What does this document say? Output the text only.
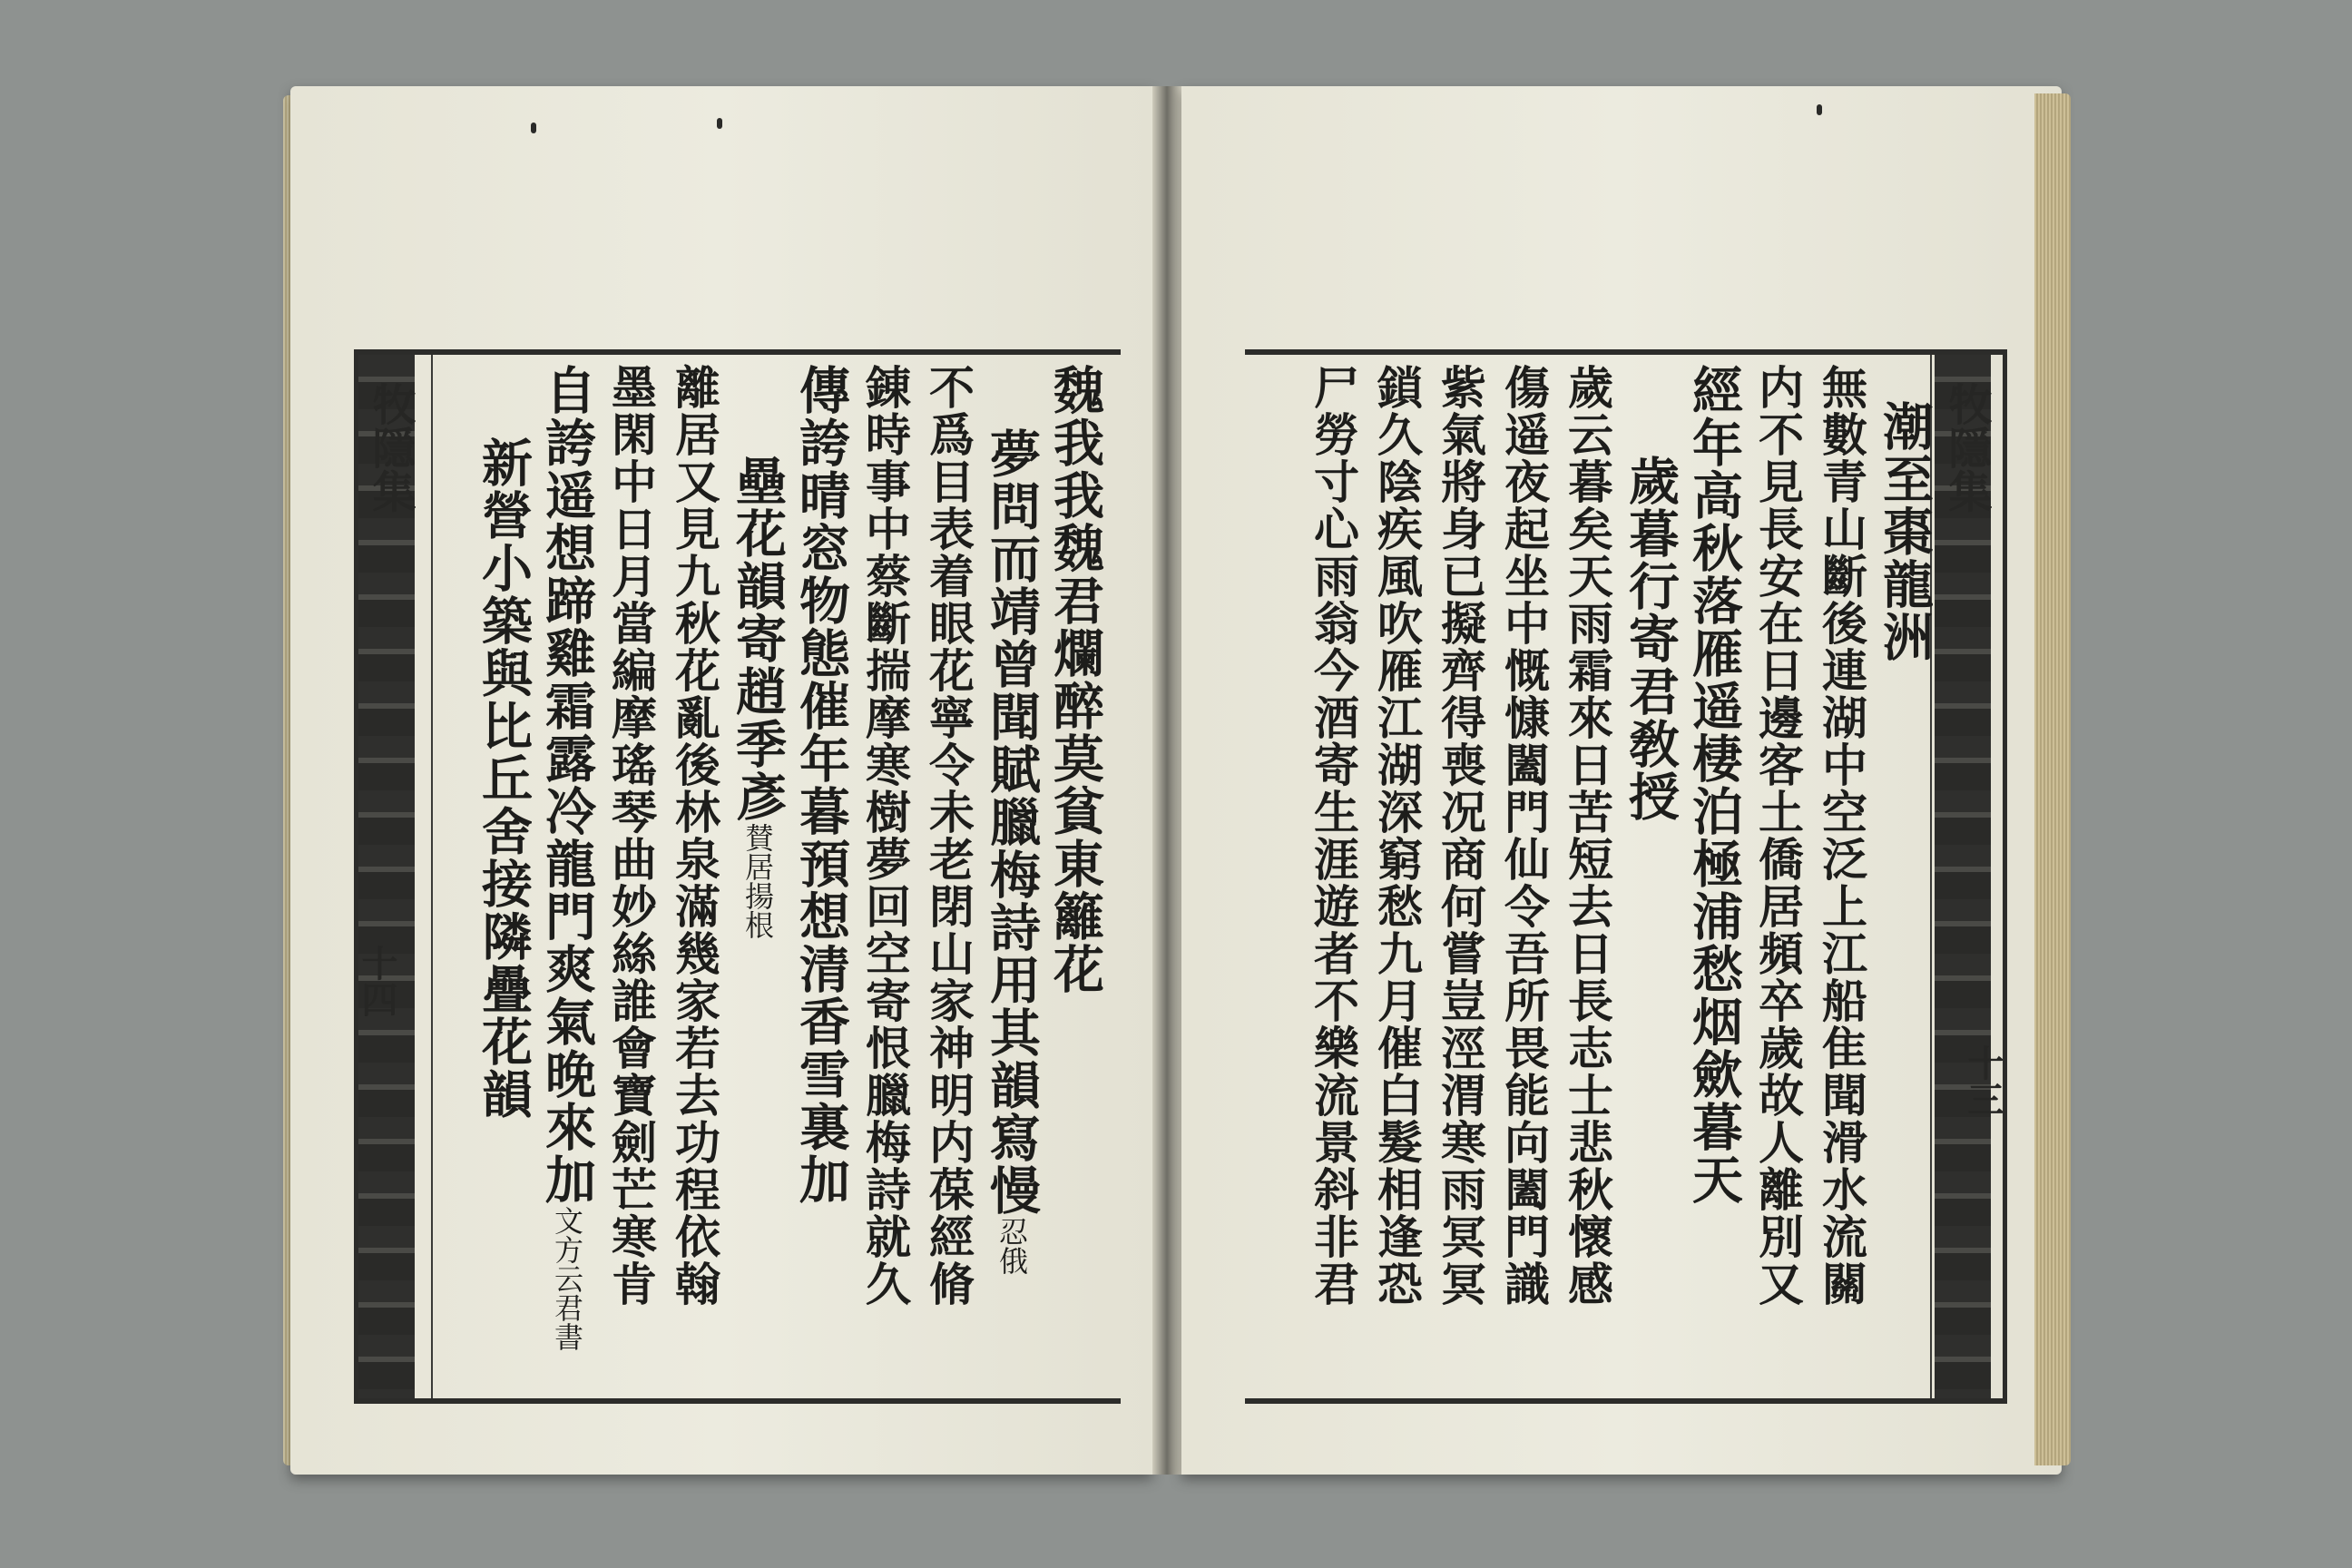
牧隱集
十四	魏我我魏君爛醉莫貧東籬花
夢問而靖曾聞賦臘梅詩用其韻寫慢忍俄
不爲目表着眼花寧令未老閉山家神明内葆經脩
錬時事中蔡斷揣摩寒樹夢回空寄恨臘梅詩就久
傳誇晴窓物態催年暮預想清香雪裏加
壘花韻寄趙季彥賛居揚根
離居又見九秋花亂後林泉滿幾家若去功程依翰
墨閑中日月當編摩瑤琴曲妙絲誰會寶劍芒寒肯
自誇遥想蹄雞霜露冷龍門爽氣晚來加文方云君書
新營小築與比丘舍接隣疊花韻	牧隱集
十三
潮至棗龍洲
無數青山斷後連湖中空泛上江船隹聞滑水流關
内不見長安在日邊客土僑居頻卒歲故人離別又
經年高秋落雁遥棲泊極浦愁烟歛暮天
歲暮行寄君敎授
歲云暮矣天雨霜來日苦短去日長志士悲秋懷感
傷遥夜起坐中慨慷闔門仙令吾所畏能向闔門識
紫氣將身已擬齊得喪况商何嘗豈涇渭寒雨冥冥
鎖久陰疾風吹雁江湖深窮愁九月催白髮相逢恐
尸勞寸心雨翁今酒寄生涯遊者不樂流景斜非君
